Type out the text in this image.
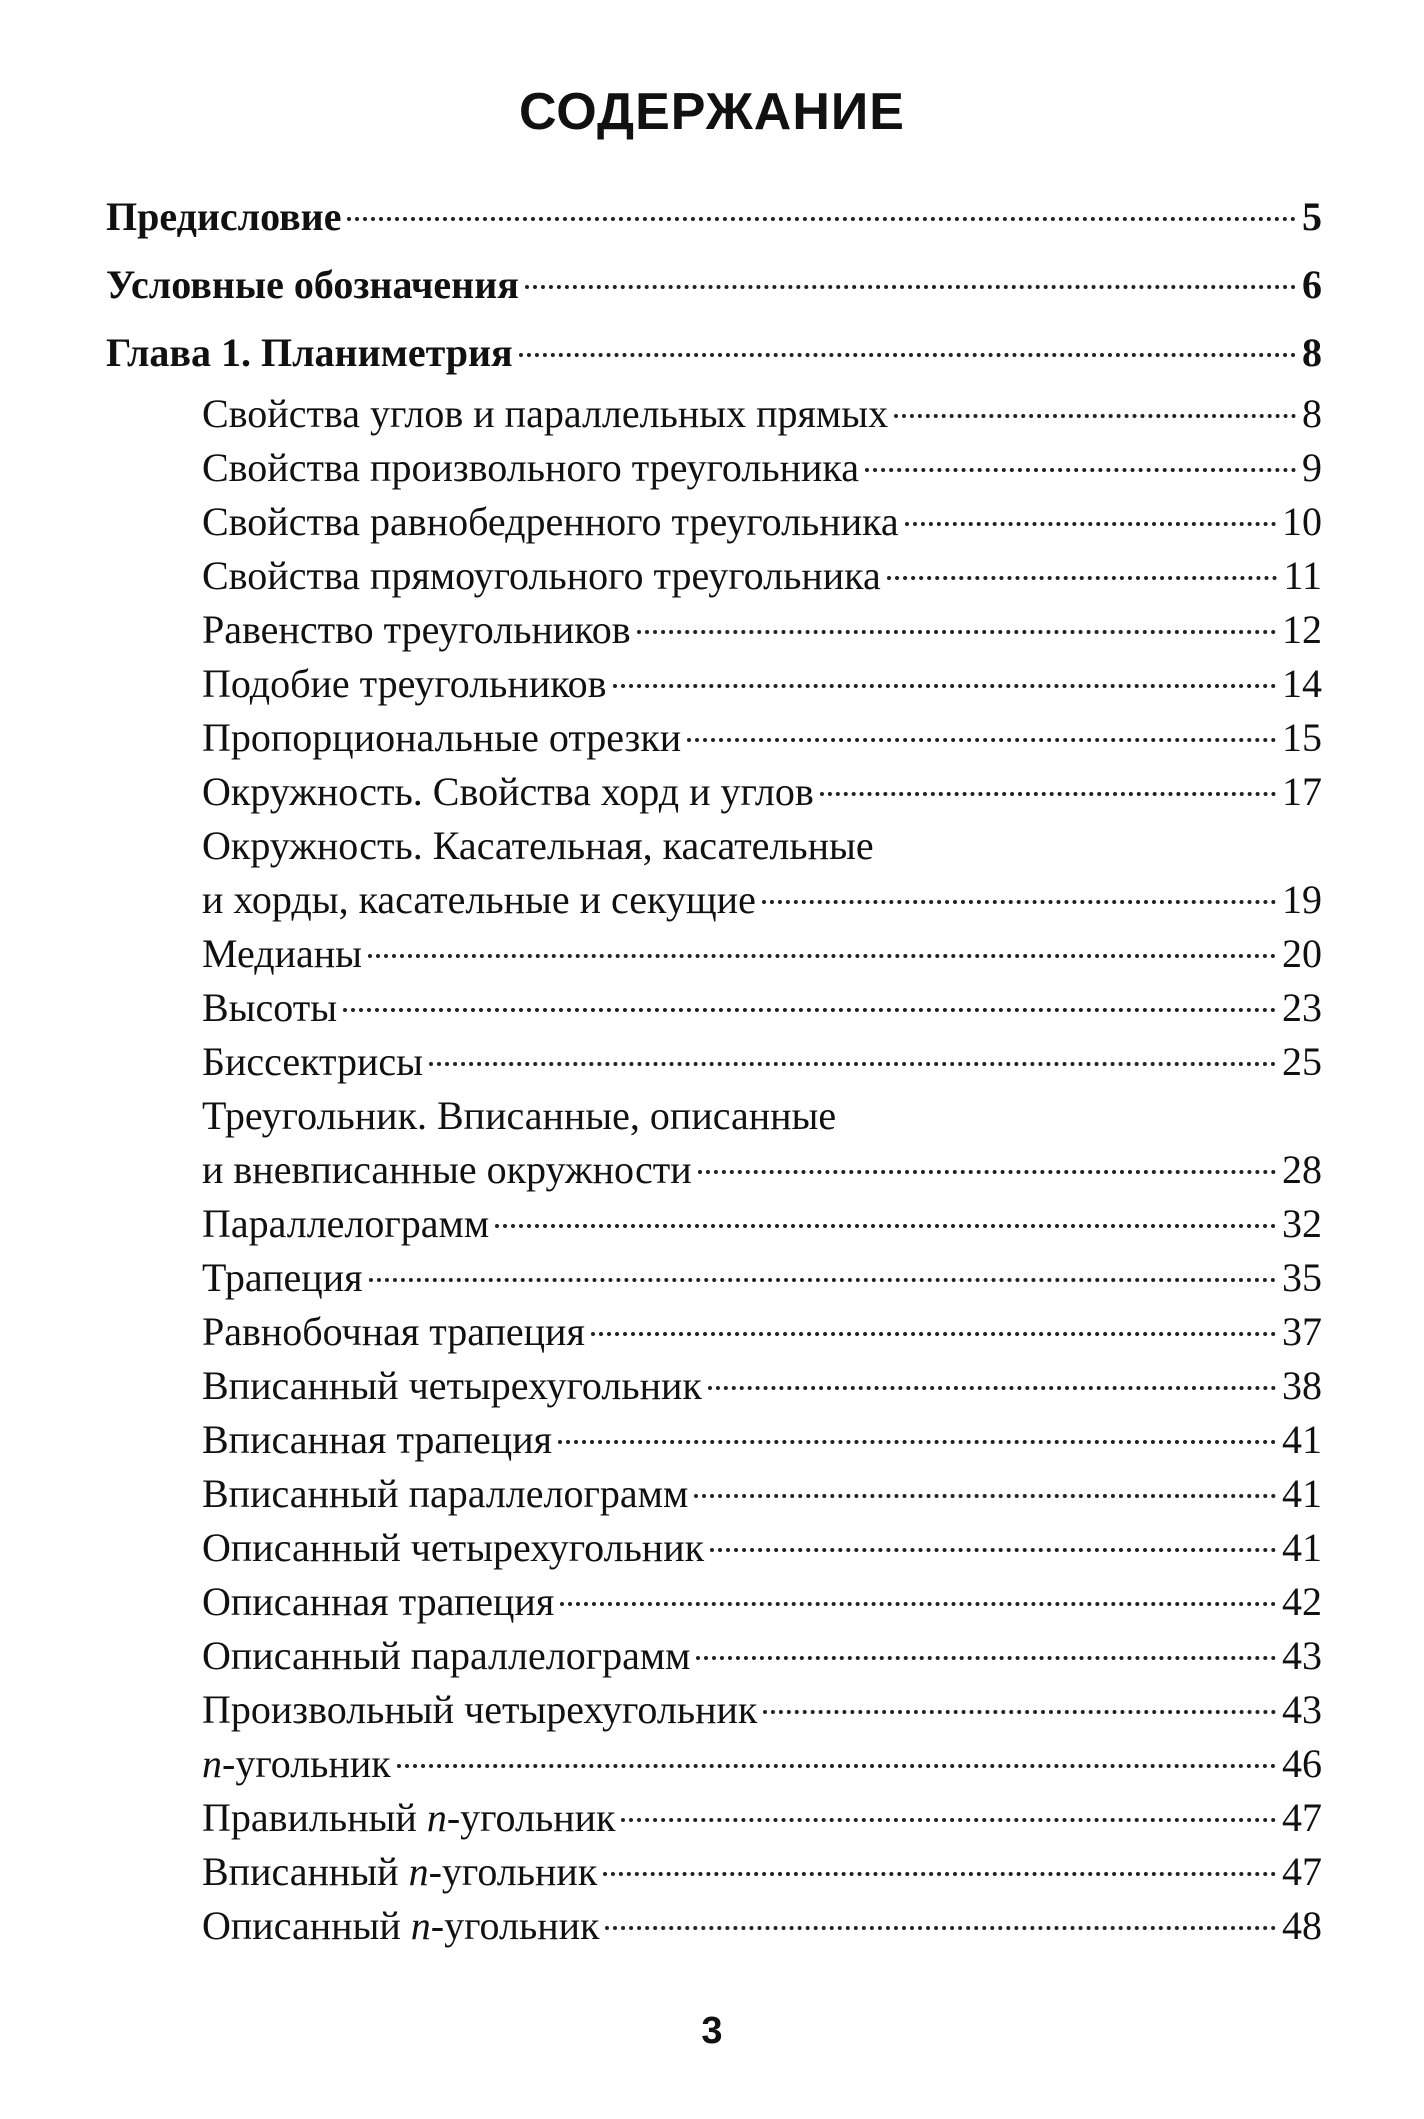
СОДЕРЖАНИЕ
Предисловие	5
Условные обозначения	6
Глава 1. Планиметрия	8
Свойства углов и параллельных прямых	8
Свойства произвольного треугольника	9
Свойства равнобедренного треугольника	10
Свойства прямоугольного треугольника	11
Равенство треугольников	12
Подобие треугольников	14
Пропорциональные отрезки	15
Окружность. Свойства хорд и углов	17
Окружность. Касательная, касательные
и хорды, касательные и секущие	19
Медианы	20
Высоты	23
Биссектрисы	25
Треугольник. Вписанные, описанные
и вневписанные окружности	28
Параллелограмм	32
Трапеция	35
Равнобочная трапеция	37
Вписанный четырехугольник	38
Вписанная трапеция	41
Вписанный параллелограмм	41
Описанный четырехугольник	41
Описанная трапеция	42
Описанный параллелограмм	43
Произвольный четырехугольник	43
n-угольник	46
Правильный n-угольник	47
Вписанный n-угольник	47
Описанный n-угольник	48
3
